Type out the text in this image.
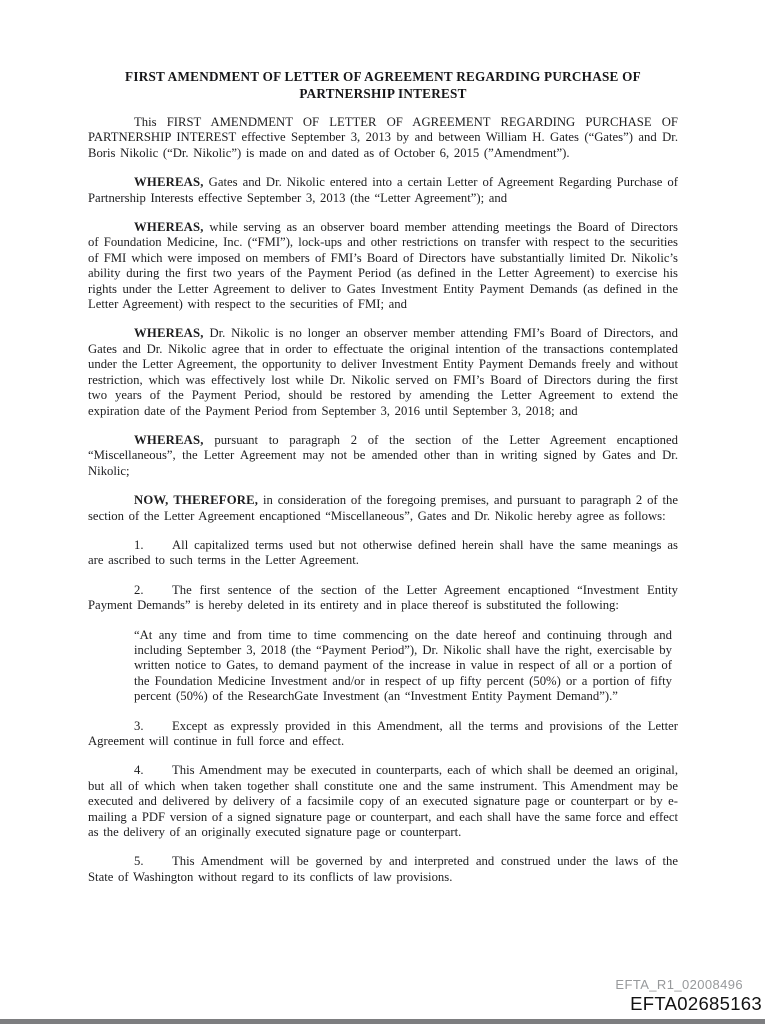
FIRST AMENDMENT OF LETTER OF AGREEMENT REGARDING PURCHASE OF
PARTNERSHIP INTEREST

This FIRST AMENDMENT OF LETTER OF AGREEMENT REGARDING PURCHASE OF PARTNERSHIP INTEREST effective September 3, 2013 by and between William H. Gates (“Gates”) and Dr. Boris Nikolic (“Dr. Nikolic”) is made on and dated as of October 6, 2015 (”Amendment”).

WHEREAS, Gates and Dr. Nikolic entered into a certain Letter of Agreement Regarding Purchase of Partnership Interests effective September 3, 2013 (the “Letter Agreement”); and

WHEREAS, while serving as an observer board member attending meetings the Board of Directors of Foundation Medicine, Inc. (“FMI”), lock-ups and other restrictions on transfer with respect to the securities of FMI which were imposed on members of FMI’s Board of Directors have substantially limited Dr. Nikolic’s ability during the first two years of the Payment Period (as defined in the Letter Agreement) to exercise his rights under the Letter Agreement to deliver to Gates Investment Entity Payment Demands (as defined in the Letter Agreement) with respect to the securities of FMI; and

WHEREAS, Dr. Nikolic is no longer an observer member attending FMI’s Board of Directors, and Gates and Dr. Nikolic agree that in order to effectuate the original intention of the transactions contemplated under the Letter Agreement, the opportunity to deliver Investment Entity Payment Demands freely and without restriction, which was effectively lost while Dr. Nikolic served on FMI’s Board of Directors during the first two years of the Payment Period, should be restored by amending the Letter Agreement to extend the expiration date of the Payment Period from September 3, 2016 until September 3, 2018; and

WHEREAS, pursuant to paragraph 2 of the section of the Letter Agreement encaptioned “Miscellaneous”, the Letter Agreement may not be amended other than in writing signed by Gates and Dr. Nikolic;

NOW, THEREFORE, in consideration of the foregoing premises, and pursuant to paragraph 2 of the section of the Letter Agreement encaptioned “Miscellaneous”, Gates and Dr. Nikolic hereby agree as follows:

1. All capitalized terms used but not otherwise defined herein shall have the same meanings as are ascribed to such terms in the Letter Agreement.

2. The first sentence of the section of the Letter Agreement encaptioned “Investment Entity Payment Demands” is hereby deleted in its entirety and in place thereof is substituted the following:

“At any time and from time to time commencing on the date hereof and continuing through and including September 3, 2018 (the “Payment Period”), Dr. Nikolic shall have the right, exercisable by written notice to Gates, to demand payment of the increase in value in respect of all or a portion of the Foundation Medicine Investment and/or in respect of up fifty percent (50%) or a portion of fifty percent (50%) of the ResearchGate Investment (an “Investment Entity Payment Demand”).”

3. Except as expressly provided in this Amendment, all the terms and provisions of the Letter Agreement will continue in full force and effect.

4. This Amendment may be executed in counterparts, each of which shall be deemed an original, but all of which when taken together shall constitute one and the same instrument. This Amendment may be executed and delivered by delivery of a facsimile copy of an executed signature page or counterpart or by e-mailing a PDF version of a signed signature page or counterpart, and each shall have the same force and effect as the delivery of an originally executed signature page or counterpart.

5. This Amendment will be governed by and interpreted and construed under the laws of the State of Washington without regard to its conflicts of law provisions.

EFTA_R1_02008496
EFTA02685163
